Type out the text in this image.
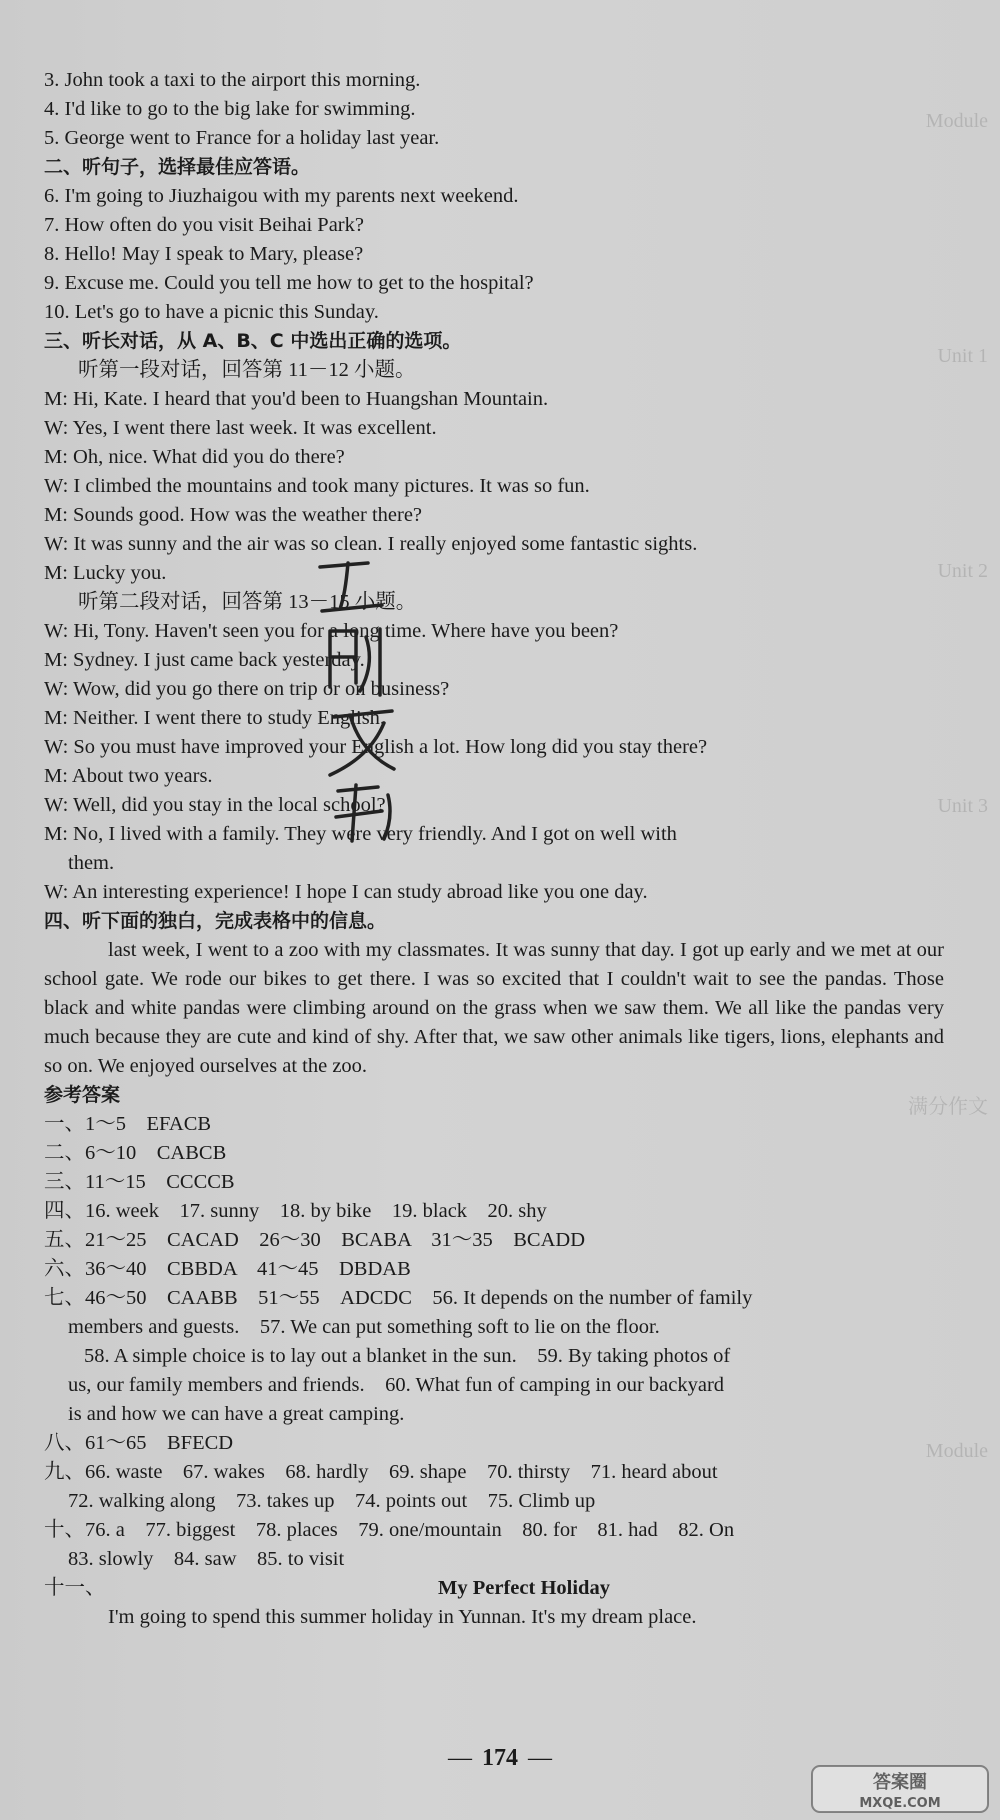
Module
Unit 1
Unit 2
Unit 3
满分作文
Module
3. John took a taxi to the airport this morning.
4. I'd like to go to the big lake for swimming.
5. George went to France for a holiday last year.
二、听句子，选择最佳应答语。
6. I'm going to Jiuzhaigou with my parents next weekend.
7. How often do you visit Beihai Park?
8. Hello! May I speak to Mary, please?
9. Excuse me. Could you tell me how to get to the hospital?
10. Let's go to have a picnic this Sunday.
三、听长对话，从 A、B、C 中选出正确的选项。
听第一段对话，回答第 11－12 小题。
M: Hi, Kate. I heard that you'd been to Huangshan Mountain.
W: Yes, I went there last week. It was excellent.
M: Oh, nice. What did you do there?
W: I climbed the mountains and took many pictures. It was so fun.
M: Sounds good. How was the weather there?
W: It was sunny and the air was so clean. I really enjoyed some fantastic sights.
M: Lucky you.
听第二段对话，回答第 13－15 小题。
W: Hi, Tony. Haven't seen you for a long time. Where have you been?
M: Sydney. I just came back yesterday.
W: Wow, did you go there on trip or on business?
M: Neither. I went there to study English.
W: So you must have improved your English a lot. How long did you stay there?
M: About two years.
W: Well, did you stay in the local school?
M: No, I lived with a family. They were very friendly. And I got on well with
them.
W: An interesting experience! I hope I can study abroad like you one day.
四、听下面的独白，完成表格中的信息。
last week, I went to a zoo with my classmates. It was sunny that day. I got up early and we met at our school gate. We rode our bikes to get there. I was so excited that I couldn't wait to see the pandas. Those black and white pandas were climbing around on the grass when we saw them. We all like the pandas very much because they are cute and kind of shy. After that, we saw other animals like tigers, lions, elephants and so on. We enjoyed ourselves at the zoo.
参考答案
一、1～5　EFACB
二、6～10　CABCB
三、11～15　CCCCB
四、16. week　17. sunny　18. by bike　19. black　20. shy
五、21～25　CACAD　26～30　BCABA　31～35　BCADD
六、36～40　CBBDA　41～45　DBDAB
七、46～50　CAABB　51～55　ADCDC　56. It depends on the number of family
members and guests.　57. We can put something soft to lie on the floor.
58. A simple choice is to lay out a blanket in the sun.　59. By taking photos of
us, our family members and friends.　60. What fun of camping in our backyard
is and how we can have a great camping.
八、61～65　BFECD
九、66. waste　67. wakes　68. hardly　69. shape　70. thirsty　71. heard about
72. walking along　73. takes up　74. points out　75. Climb up
十、76. a　77. biggest　78. places　79. one/mountain　80. for　81. had　82. On
83. slowly　84. saw　85. to visit
十一、	My Perfect Holiday
I'm going to spend this summer holiday in Yunnan. It's my dream place.
— 174 —
答案圈
MXQE.COM
